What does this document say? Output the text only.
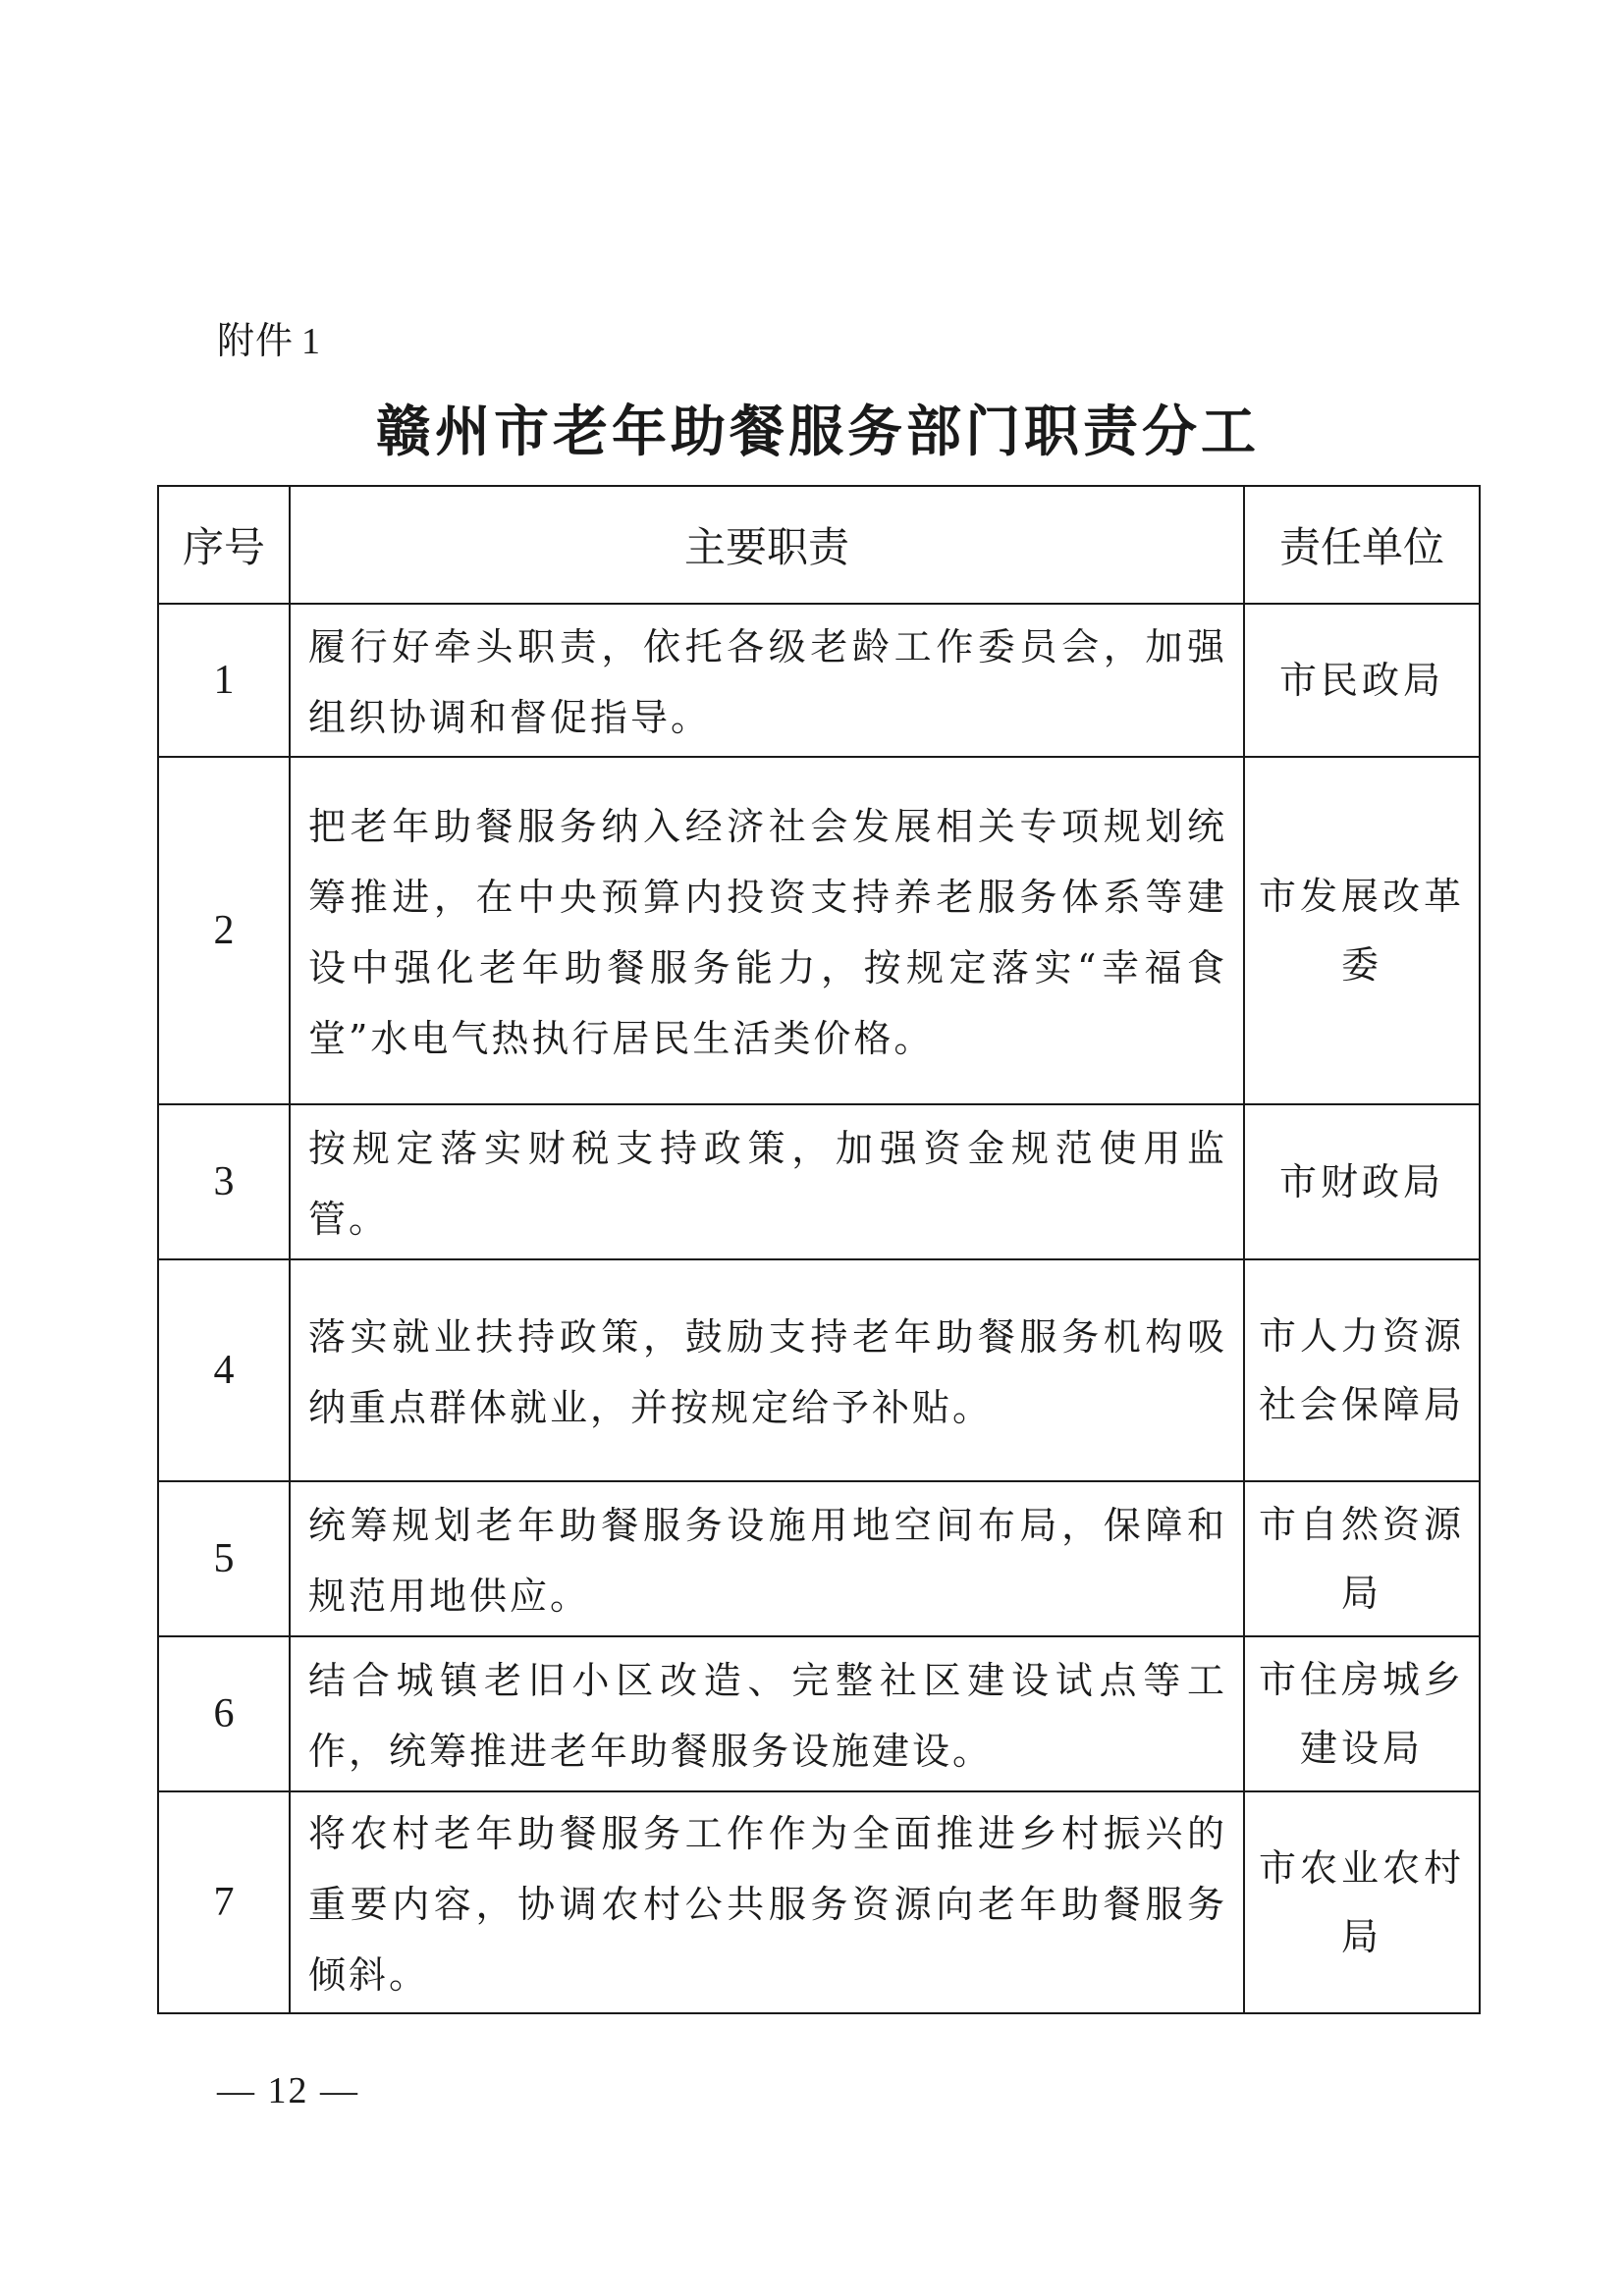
附件 1
赣州市老年助餐服务部门职责分工
序号	主要职责	责任单位
1	履行好牵头职责，依托各级老龄工作委员会，加强组织协调和督促指导。	市民政局
2	把老年助餐服务纳入经济社会发展相关专项规划统筹推进，在中央预算内投资支持养老服务体系等建设中强化老年助餐服务能力，按规定落实“幸福食堂”水电气热执行居民生活类价格。	市发展改革委
3	按规定落实财税支持政策，加强资金规范使用监管。	市财政局
4	落实就业扶持政策，鼓励支持老年助餐服务机构吸纳重点群体就业，并按规定给予补贴。	市人力资源社会保障局
5	统筹规划老年助餐服务设施用地空间布局，保障和规范用地供应。	市自然资源局
6	结合城镇老旧小区改造、完整社区建设试点等工作，统筹推进老年助餐服务设施建设。	市住房城乡建设局
7	将农村老年助餐服务工作作为全面推进乡村振兴的重要内容，协调农村公共服务资源向老年助餐服务倾斜。	市农业农村局
— 12 —
